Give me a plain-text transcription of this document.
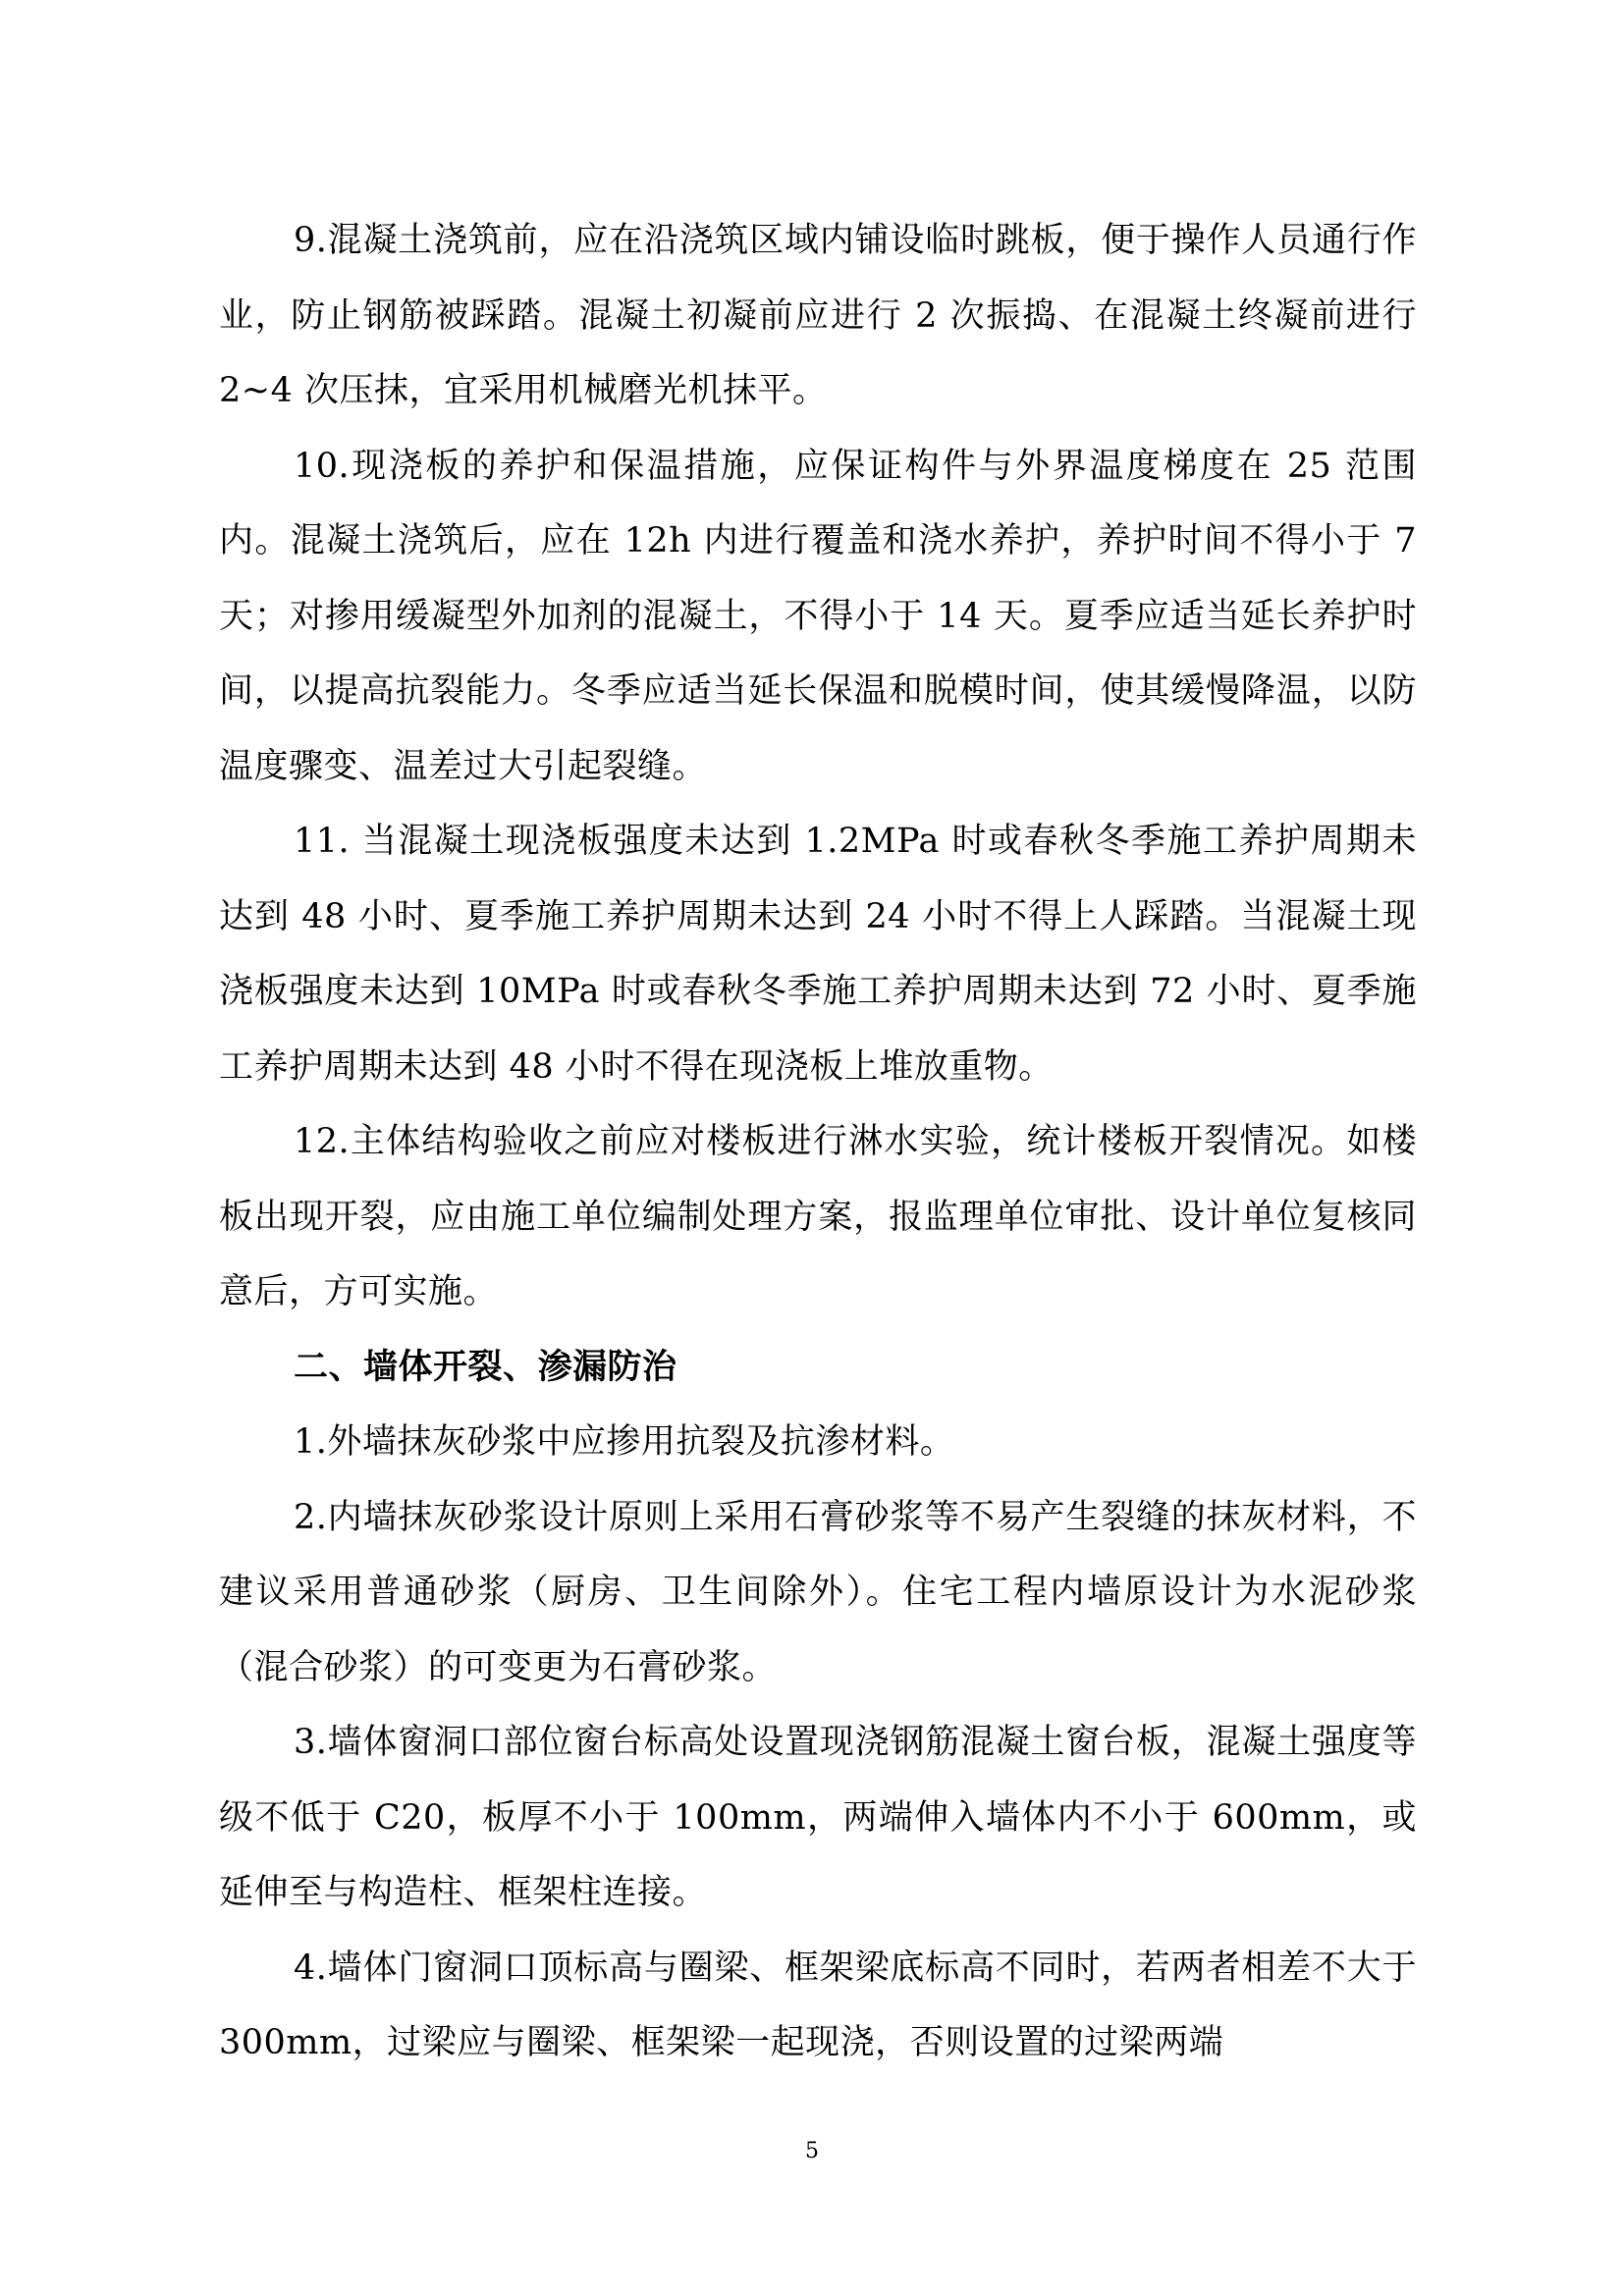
9.混凝土浇筑前，应在沿浇筑区域内铺设临时跳板，便于操作人员通行作业，防止钢筋被踩踏。混凝土初凝前应进行 2 次振捣、在混凝土终凝前进行 2~4 次压抹，宜采用机械磨光机抹平。

10.现浇板的养护和保温措施，应保证构件与外界温度梯度在 25 范围内。混凝土浇筑后，应在 12h 内进行覆盖和浇水养护，养护时间不得小于 7 天；对掺用缓凝型外加剂的混凝土，不得小于 14 天。夏季应适当延长养护时间，以提高抗裂能力。冬季应适当延长保温和脱模时间，使其缓慢降温，以防温度骤变、温差过大引起裂缝。

11. 当混凝土现浇板强度未达到 1.2MPa 时或春秋冬季施工养护周期未达到 48 小时、夏季施工养护周期未达到 24 小时不得上人踩踏。当混凝土现浇板强度未达到 10MPa 时或春秋冬季施工养护周期未达到 72 小时、夏季施工养护周期未达到 48 小时不得在现浇板上堆放重物。

12.主体结构验收之前应对楼板进行淋水实验，统计楼板开裂情况。如楼板出现开裂，应由施工单位编制处理方案，报监理单位审批、设计单位复核同意后，方可实施。

二、墙体开裂、渗漏防治

1.外墙抹灰砂浆中应掺用抗裂及抗渗材料。

2.内墙抹灰砂浆设计原则上采用石膏砂浆等不易产生裂缝的抹灰材料，不建议采用普通砂浆（厨房、卫生间除外）。住宅工程内墙原设计为水泥砂浆（混合砂浆）的可变更为石膏砂浆。

3.墙体窗洞口部位窗台标高处设置现浇钢筋混凝土窗台板，混凝土强度等级不低于 C20，板厚不小于 100mm，两端伸入墙体内不小于 600mm，或延伸至与构造柱、框架柱连接。

4.墙体门窗洞口顶标高与圈梁、框架梁底标高不同时，若两者相差不大于 300mm，过梁应与圈梁、框架梁一起现浇，否则设置的过梁两端

5
